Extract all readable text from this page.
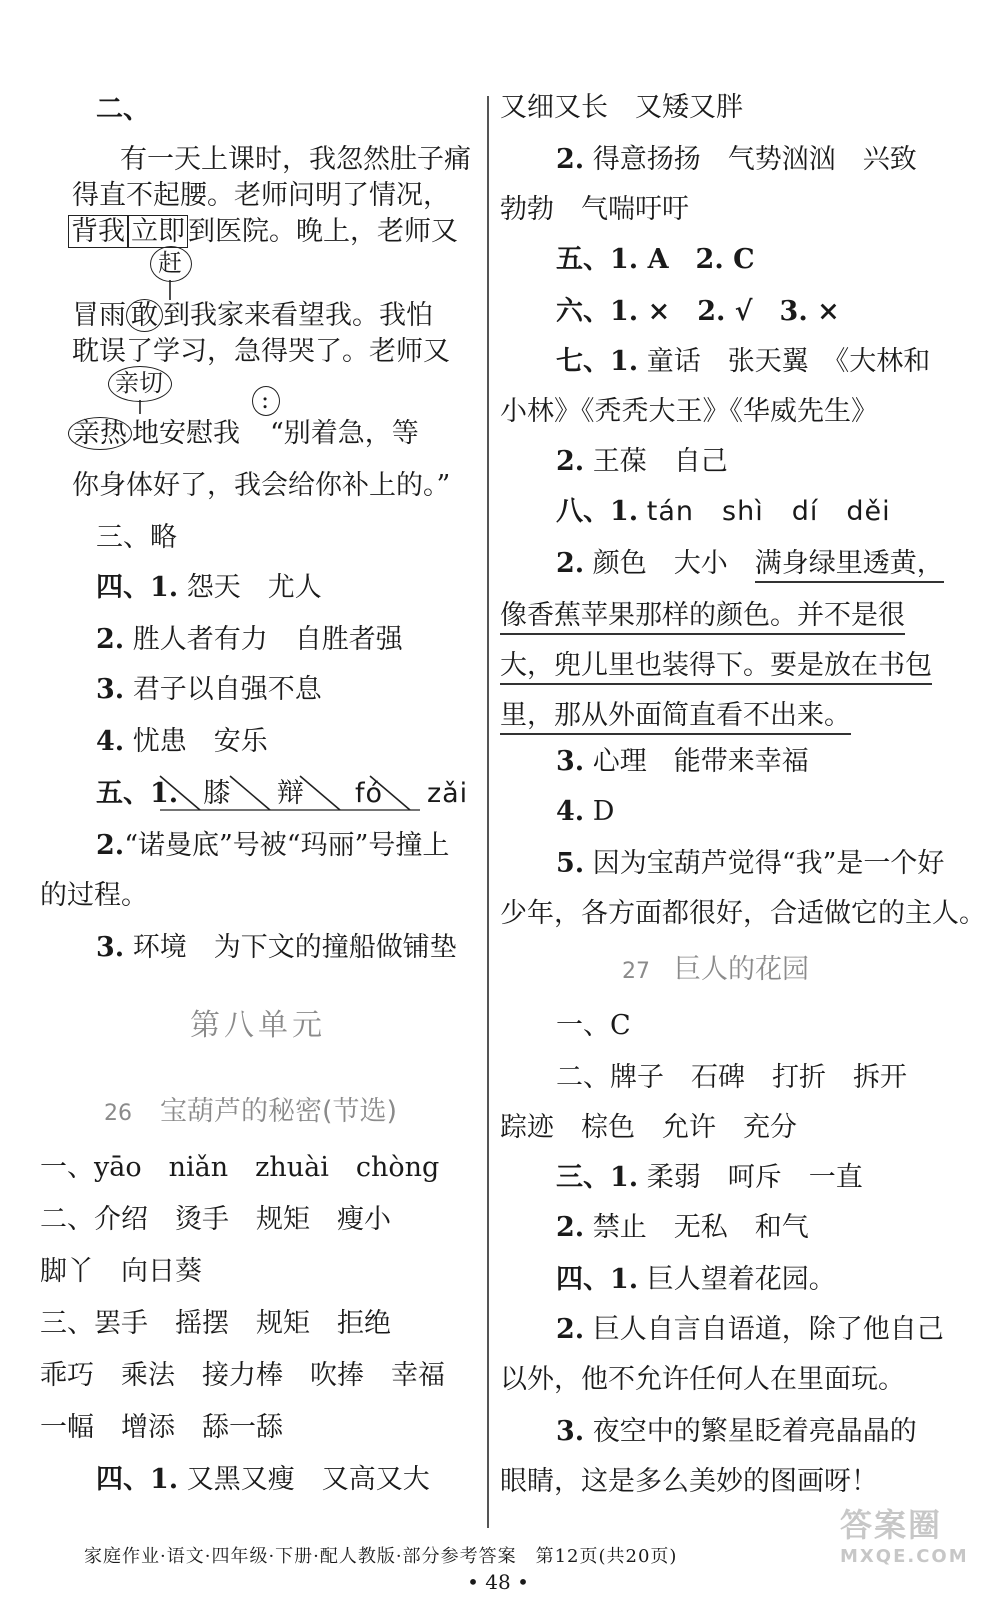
二、
有一天上课时，我忽然肚子痛
得直不起腰。老师问明了情况，
背我 立即 到医院。晚上，老师又
赶
冒雨 敢 到我家来看望我。我怕
耽误了学习，急得哭了。老师又
亲切
:
亲热 地安慰我 “别着急，等
你身体好了，我会给你补上的。”
三、略
四、1. 怨天　尤人
2. 胜人者有力　自胜者强
3. 君子以自强不息
4. 忧患　安乐
五、1. 膝 辩 fó zǎi
2.“诺曼底”号被“玛丽”号撞上
的过程。
3. 环境　为下文的撞船做铺垫
第八单元
26 宝葫芦的秘密(节选)
一、yāo　niǎn　zhuài　chòng
二、介绍　烫手　规矩　瘦小
脚丫　向日葵
三、罢手　摇摆　规矩　拒绝
乖巧　乘法　接力棒　吹捧　幸福
一幅　增添　舔一舔
四、1. 又黑又瘦　又高又大
又细又长　又矮又胖
2. 得意扬扬　气势汹汹　兴致
勃勃　气喘吁吁
五、1. A　2. C
六、1. ×　2. √　3. ×
七、1. 童话　张天翼　《大林和
小林》《秃秃大王》《华威先生》
2. 王葆　自己
八、1. tán　shì　dí　děi
2. 颜色　大小　满身绿里透黄，
像香蕉苹果那样的颜色。并不是很
大，兜儿里也装得下。要是放在书包
里，那从外面简直看不出来。
3. 心理　能带来幸福
4. D
5. 因为宝葫芦觉得“我”是一个好
少年，各方面都很好，合适做它的主人。
27 巨人的花园
一、C
二、牌子　石碑　打折　拆开
踪迹　棕色　允许　充分
三、1. 柔弱　呵斥　一直
2. 禁止　无私　和气
四、1. 巨人望着花园。
2. 巨人自言自语道，除了他自己
以外，他不允许任何人在里面玩。
3. 夜空中的繁星眨着亮晶晶的
眼睛，这是多么美妙的图画呀！
家庭作业·语文·四年级·下册·配人教版·部分参考答案　第12页(共20页)
• 48 •
答案圈
MXQE.COM
